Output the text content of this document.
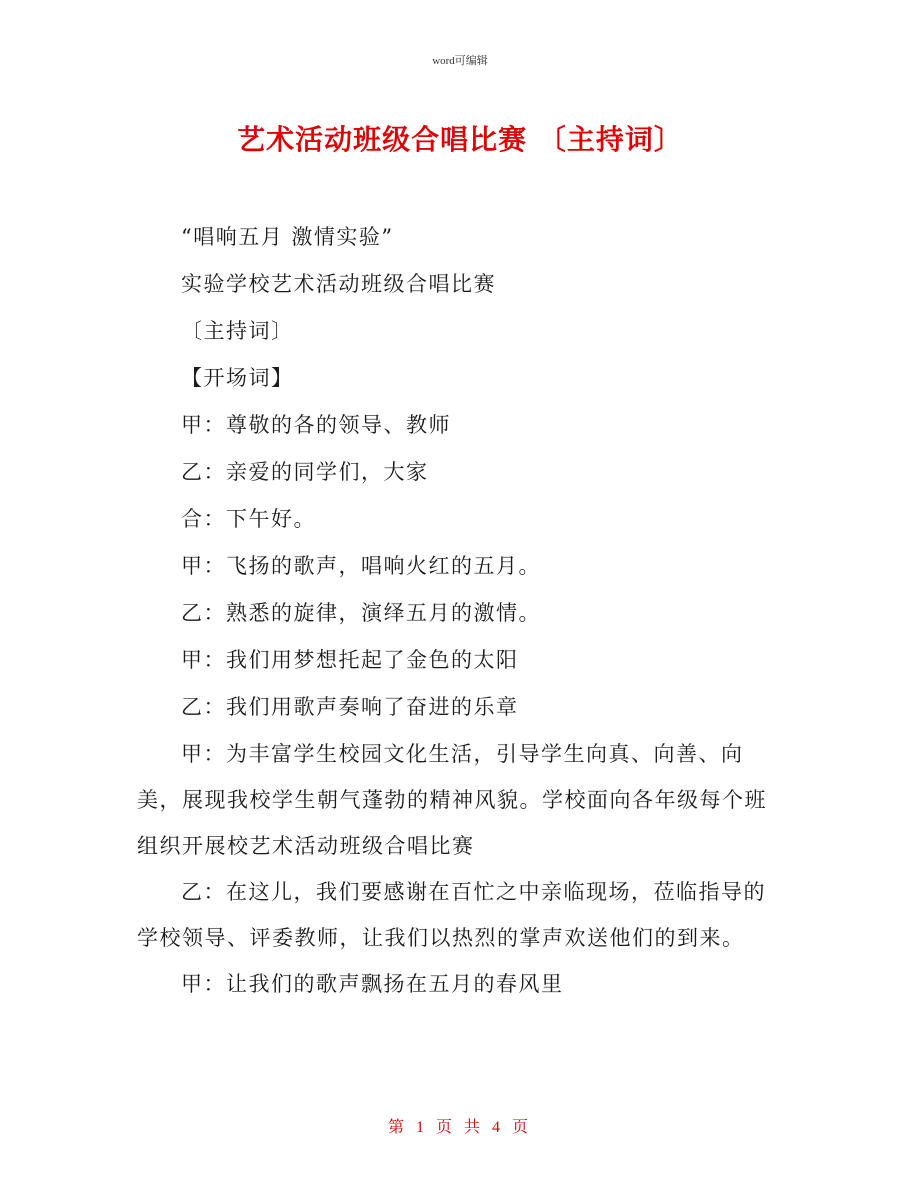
word可编辑
艺术活动班级合唱比赛 〔主持词〕

“唱响五月 激情实验”

实验学校艺术活动班级合唱比赛

〔主持词〕

【开场词】

甲：尊敬的各的领导、教师

乙：亲爱的同学们，大家

合：下午好。

甲：飞扬的歌声，唱响火红的五月。

乙：熟悉的旋律，演绎五月的激情。

甲：我们用梦想托起了金色的太阳

乙：我们用歌声奏响了奋进的乐章

甲：为丰富学生校园文化生活，引导学生向真、向善、向美，展现我校学生朝气蓬勃的精神风貌。学校面向各年级每个班组织开展校艺术活动班级合唱比赛

乙：在这儿，我们要感谢在百忙之中亲临现场，莅临指导的学校领导、评委教师，让我们以热烈的掌声欢送他们的到来。

甲：让我们的歌声飘扬在五月的春风里

第 1 页 共 4 页
